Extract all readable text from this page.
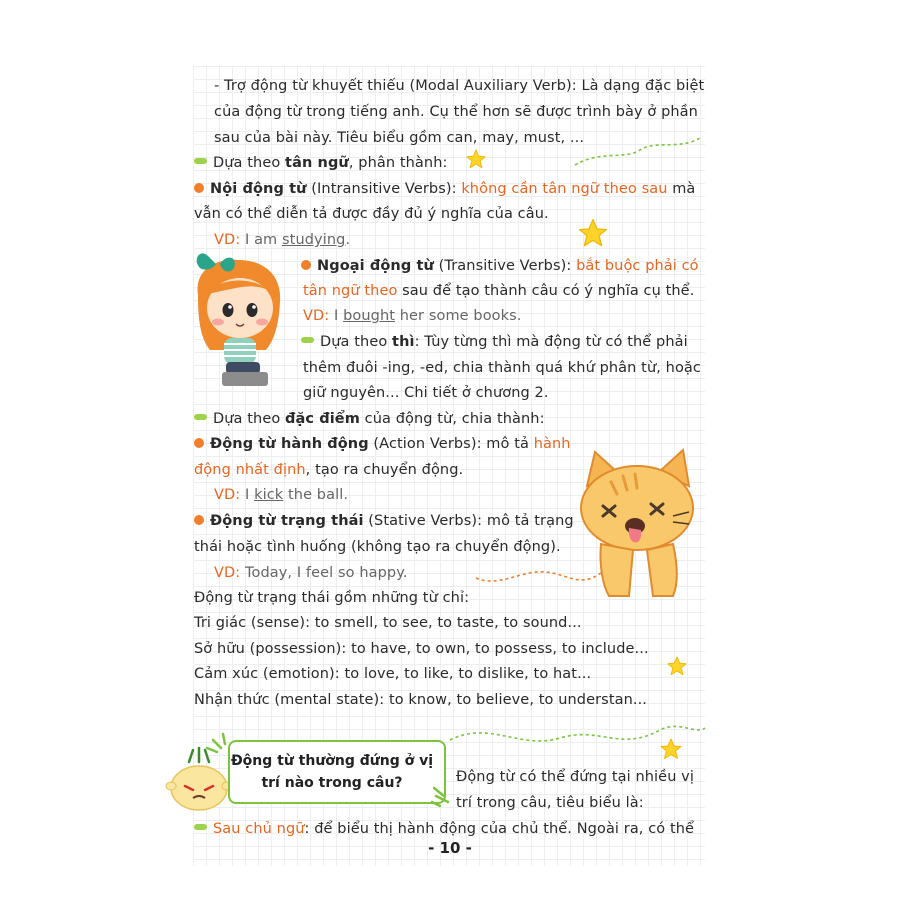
Động từ thường đứng ở vị
trí nào trong câu?
- Trợ động từ khuyết thiếu (Modal Auxiliary Verb): Là dạng đặc biệt
của động từ trong tiếng anh. Cụ thể hơn sẽ được trình bày ở phần
sau của bài này. Tiêu biểu gồm can, may, must, ...
Dựa theo tân ngữ, phân thành:
Nội động từ (Intransitive Verbs): không cần tân ngữ theo sau mà
vẫn có thể diễn tả được đầy đủ ý nghĩa của câu.
VD: I am studying.
Ngoại động từ (Transitive Verbs): bắt buộc phải có
tân ngữ theo sau để tạo thành câu có ý nghĩa cụ thể.
VD: I bought her some books.
Dựa theo thì: Tùy từng thì mà động từ có thể phải
thêm đuôi -ing, -ed, chia thành quá khứ phân từ, hoặc
giữ nguyên... Chi tiết ở chương 2.
Dựa theo đặc điểm của động từ, chia thành:
Động từ hành động (Action Verbs): mô tả hành
động nhất định, tạo ra chuyển động.
VD: I kick the ball.
Động từ trạng thái (Stative Verbs): mô tả trạng
thái hoặc tình huống (không tạo ra chuyển động).
VD: Today, I feel so happy.
Động từ trạng thái gồm những từ chỉ:
Tri giác (sense): to smell, to see, to taste, to sound...
Sở hữu (possession): to have, to own, to possess, to include...
Cảm xúc (emotion): to love, to like, to dislike, to hat...
Nhận thức (mental state): to know, to believe, to understan...
Động từ có thể đứng tại nhiều vị
trí trong câu, tiêu biểu là:
Sau chủ ngữ: để biểu thị hành động của chủ thể. Ngoài ra, có thể
- 10 -
